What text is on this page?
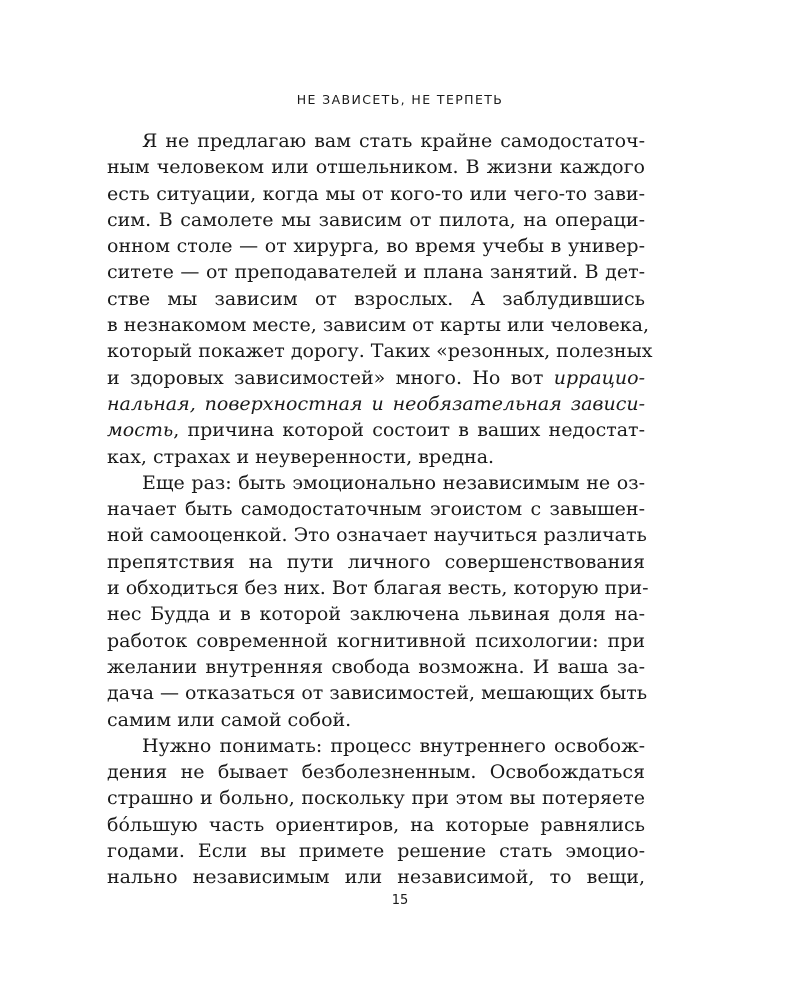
НЕ ЗАВИСЕТЬ, НЕ ТЕРПЕТЬ
Я не предлагаю вам стать крайне самодостаточ-
ным человеком или отшельником. В жизни каждого
есть ситуации, когда мы от кого-то или чего-то зави-
сим. В самолете мы зависим от пилота, на операци-
онном столе — от хирурга, во время учебы в универ-
ситете — от преподавателей и плана занятий. В дет-
стве мы зависим от взрослых. А заблудившись
в незнакомом месте, зависим от карты или человека,
который покажет дорогу. Таких «резонных, полезных
и здоровых зависимостей» много. Но вот иррацио-
нальная, поверхностная и необязательная зависи-
мость, причина которой состоит в ваших недостат-
ках, страхах и неуверенности, вредна.
Еще раз: быть эмоционально независимым не оз-
начает быть самодостаточным эгоистом с завышен-
ной самооценкой. Это означает научиться различать
препятствия на пути личного совершенствования
и обходиться без них. Вот благая весть, которую при-
нес Будда и в которой заключена львиная доля на-
работок современной когнитивной психологии: при
желании внутренняя свобода возможна. И ваша за-
дача — отказаться от зависимостей, мешающих быть
самим или самой собой.
Нужно понимать: процесс внутреннего освобож-
дения не бывает безболезненным. Освобождаться
страшно и больно, поскольку при этом вы потеряете
бóльшую часть ориентиров, на которые равнялись
годами. Если вы примете решение стать эмоцио-
нально независимым или независимой, то вещи,
15
